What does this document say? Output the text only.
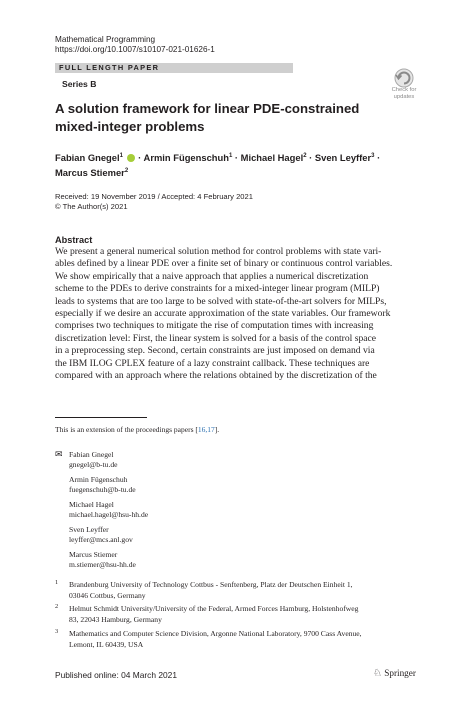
Mathematical Programming
https://doi.org/10.1007/s10107-021-01626-1
FULL LENGTH PAPER
Series B
Check for
updates
A solution framework for linear PDE-constrained
mixed-integer problems
Fabian Gnegel$^1$  · Armin Fügenschuh$^1$ · Michael Hagel$^2$ · Sven Leyffer$^3$ ·
Marcus Stiemer$^2$
Received: 19 November 2019 / Accepted: 4 February 2021
© The Author(s) 2021
Abstract
We present a general numerical solution method for control problems with state vari-
ables defined by a linear PDE over a finite set of binary or continuous control variables.
We show empirically that a naive approach that applies a numerical discretization
scheme to the PDEs to derive constraints for a mixed-integer linear program (MILP)
leads to systems that are too large to be solved with state-of-the-art solvers for MILPs,
especially if we desire an accurate approximation of the state variables. Our framework
comprises two techniques to mitigate the rise of computation times with increasing
discretization level: First, the linear system is solved for a basis of the control space
in a preprocessing step. Second, certain constraints are just imposed on demand via
the IBM ILOG CPLEX feature of a lazy constraint callback. These techniques are
compared with an approach where the relations obtained by the discretization of the
This is an extension of the proceedings papers [16,17].
✉ Fabian Gnegel
gnegel@b-tu.de
Armin Fügenschuh
fuegenschuh@b-tu.de
Michael Hagel
michael.hagel@hsu-hh.de
Sven Leyffer
leyffer@mcs.anl.gov
Marcus Stiemer
m.stiemer@hsu-hh.de
1 Brandenburg University of Technology Cottbus - Senftenberg, Platz der Deutschen Einheit 1,
03046 Cottbus, Germany
2 Helmut Schmidt University/University of the Federal, Armed Forces Hamburg, Holstenhofweg
83, 22043 Hamburg, Germany
3 Mathematics and Computer Science Division, Argonne National Laboratory, 9700 Cass Avenue,
Lemont, IL 60439, USA
Published online: 04 March 2021	♘ Springer
